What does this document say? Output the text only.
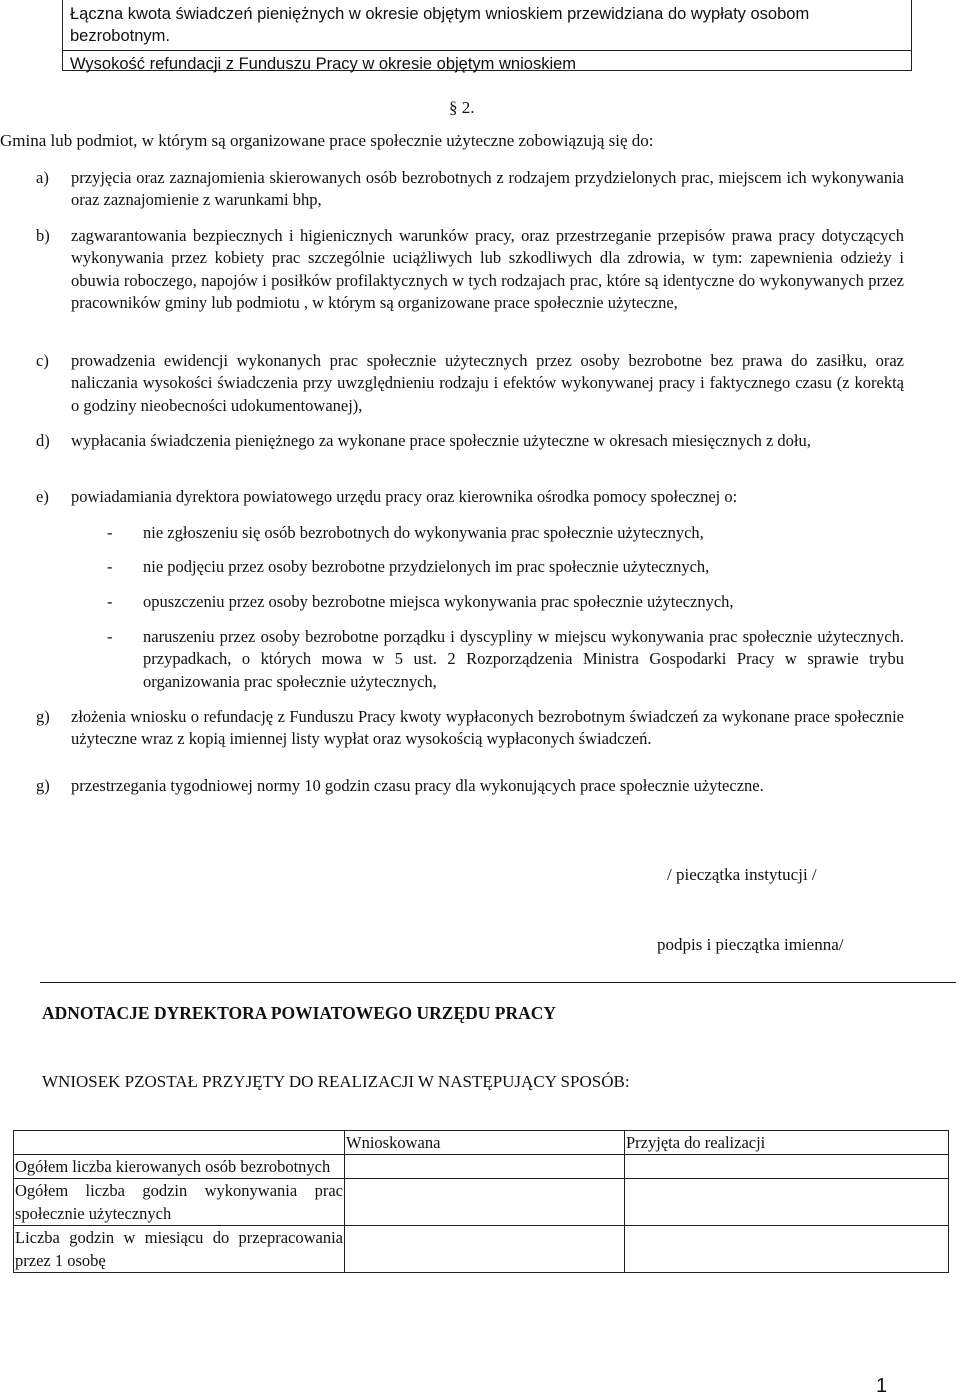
Łączna kwota świadczeń pieniężnych w okresie objętym wnioskiem przewidziana do wypłaty osobom bezrobotnym.
Wysokość refundacji z Funduszu Pracy w okresie objętym wnioskiem
§ 2.
Gmina lub podmiot, w którym są organizowane prace społecznie użyteczne zobowiązują się do:
a) przyjęcia oraz zaznajomienia skierowanych osób bezrobotnych z rodzajem przydzielonych prac, miejscem ich wykonywania oraz zaznajomienie z warunkami bhp,
b) zagwarantowania bezpiecznych i higienicznych warunków pracy, oraz przestrzeganie przepisów prawa pracy dotyczących wykonywania przez kobiety prac szczególnie uciążliwych lub szkodliwych dla zdrowia, w tym: zapewnienia odzieży i obuwia roboczego, napojów i posiłków profilaktycznych w tych rodzajach prac, które są identyczne do wykonywanych przez pracowników gminy lub podmiotu , w którym są organizowane prace społecznie użyteczne,
c) prowadzenia ewidencji wykonanych prac społecznie użytecznych przez osoby bezrobotne bez prawa do zasiłku, oraz naliczania wysokości świadczenia przy uwzględnieniu rodzaju i efektów wykonywanej pracy i faktycznego czasu (z korektą o godziny nieobecności udokumentowanej),
d) wypłacania świadczenia pieniężnego za wykonane prace społecznie użyteczne w okresach miesięcznych z dołu,
e) powiadamiania dyrektora powiatowego urzędu pracy oraz kierownika ośrodka pomocy społecznej o:
- nie zgłoszeniu się osób bezrobotnych do wykonywania prac społecznie użytecznych,
- nie podjęciu przez osoby bezrobotne przydzielonych im prac społecznie użytecznych,
- opuszczeniu przez osoby bezrobotne miejsca wykonywania prac społecznie użytecznych,
- naruszeniu przez osoby bezrobotne porządku i dyscypliny w miejscu wykonywania prac społecznie użytecznych. przypadkach, o których mowa w 5 ust. 2 Rozporządzenia Ministra Gospodarki Pracy w sprawie trybu organizowania prac społecznie użytecznych,
g) złożenia wniosku o refundację z Funduszu Pracy kwoty wypłaconych bezrobotnym świadczeń za wykonane prace społecznie użyteczne wraz z kopią imiennej listy wypłat oraz wysokością wypłaconych świadczeń.
g) przestrzegania tygodniowej normy 10 godzin czasu pracy dla wykonujących prace społecznie użyteczne.
/ pieczątka instytucji /
podpis i pieczątka imienna/
ADNOTACJE DYREKTORA POWIATOWEGO URZĘDU PRACY
WNIOSEK PZOSTAŁ PRZYJĘTY DO REALIZACJI W NASTĘPUJĄCY SPOSÓB:
	Wnioskowana	Przyjęta do realizacji
Ogółem liczba kierowanych osób bezrobotnych		
Ogółem liczba godzin wykonywania prac społecznie użytecznych		
Liczba godzin w miesiącu do przepracowania przez 1 osobę		
1
